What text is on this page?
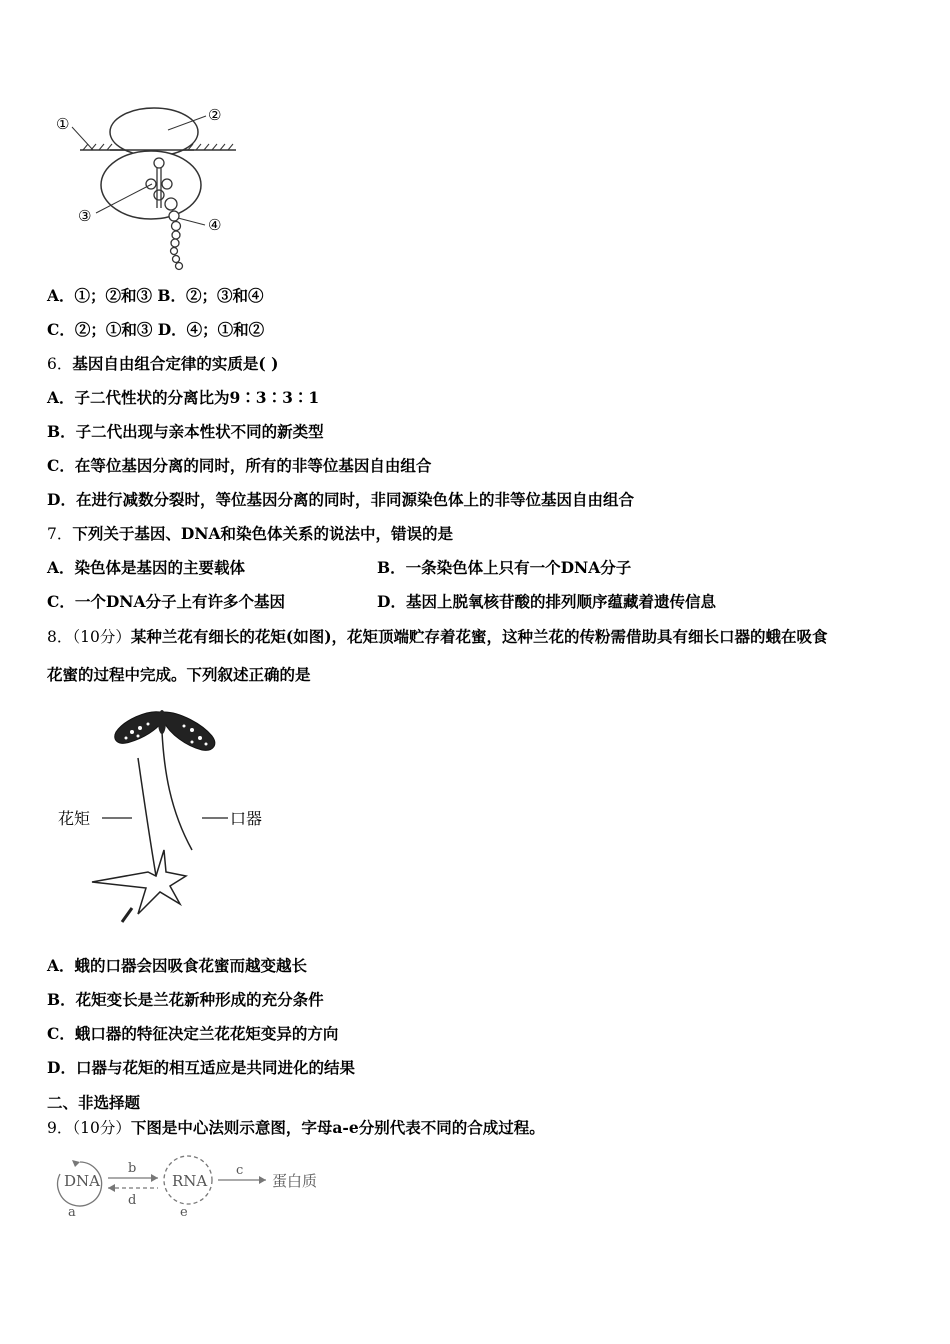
①	②
③	④
A．①；②和③ B．②；③和④
C．②；①和③ D．④；①和②
6．基因自由组合定律的实质是( )
A．子二代性状的分离比为9∶3∶3∶1
B．子二代出现与亲本性状不同的新类型
C．在等位基因分离的同时，所有的非等位基因自由组合
D．在进行减数分裂时，等位基因分离的同时，非同源染色体上的非等位基因自由组合
7．下列关于基因、DNA和染色体关系的说法中，错误的是
A．染色体是基因的主要载体	B．一条染色体上只有一个DNA分子
C．一个DNA分子上有许多个基因	D．基因上脱氧核苷酸的排列顺序蕴藏着遗传信息
8．（10分）某种兰花有细长的花矩(如图)，花矩顶端贮存着花蜜，这种兰花的传粉需借助具有细长口器的蛾在吸食
花蜜的过程中完成。下列叙述正确的是
花矩	口器
A．蛾的口器会因吸食花蜜而越变越长
B．花矩变长是兰花新种形成的充分条件
C．蛾口器的特征决定兰花花矩变异的方向
D．口器与花矩的相互适应是共同进化的结果
二、非选择题
9．（10分）下图是中心法则示意图，字母a-e分别代表不同的合成过程。
DNA
a
b
d
RNA
e
c
蛋白质
